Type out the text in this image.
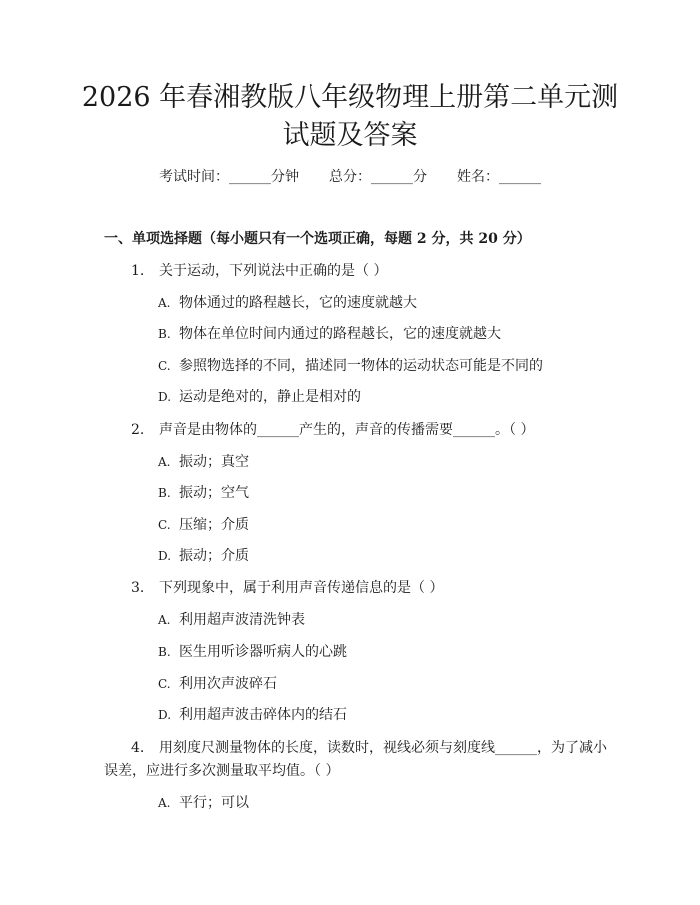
2026 年春湘教版八年级物理上册第二单元测
试题及答案
考试时间：______分钟 总分：______分 姓名：______
一、单项选择题（每小题只有一个选项正确，每题 2 分，共 20 分）
1. 关于运动，下列说法中正确的是（ ）
A. 物体通过的路程越长，它的速度就越大
B. 物体在单位时间内通过的路程越长，它的速度就越大
C. 参照物选择的不同，描述同一物体的运动状态可能是不同的
D. 运动是绝对的，静止是相对的
2. 声音是由物体的______产生的，声音的传播需要______。（ ）
A. 振动；真空
B. 振动；空气
C. 压缩；介质
D. 振动；介质
3. 下列现象中，属于利用声音传递信息的是（ ）
A. 利用超声波清洗钟表
B. 医生用听诊器听病人的心跳
C. 利用次声波碎石
D. 利用超声波击碎体内的结石
4. 用刻度尺测量物体的长度，读数时，视线必须与刻度线______，为了减小
误差，应进行多次测量取平均值。（ ）
A. 平行；可以
